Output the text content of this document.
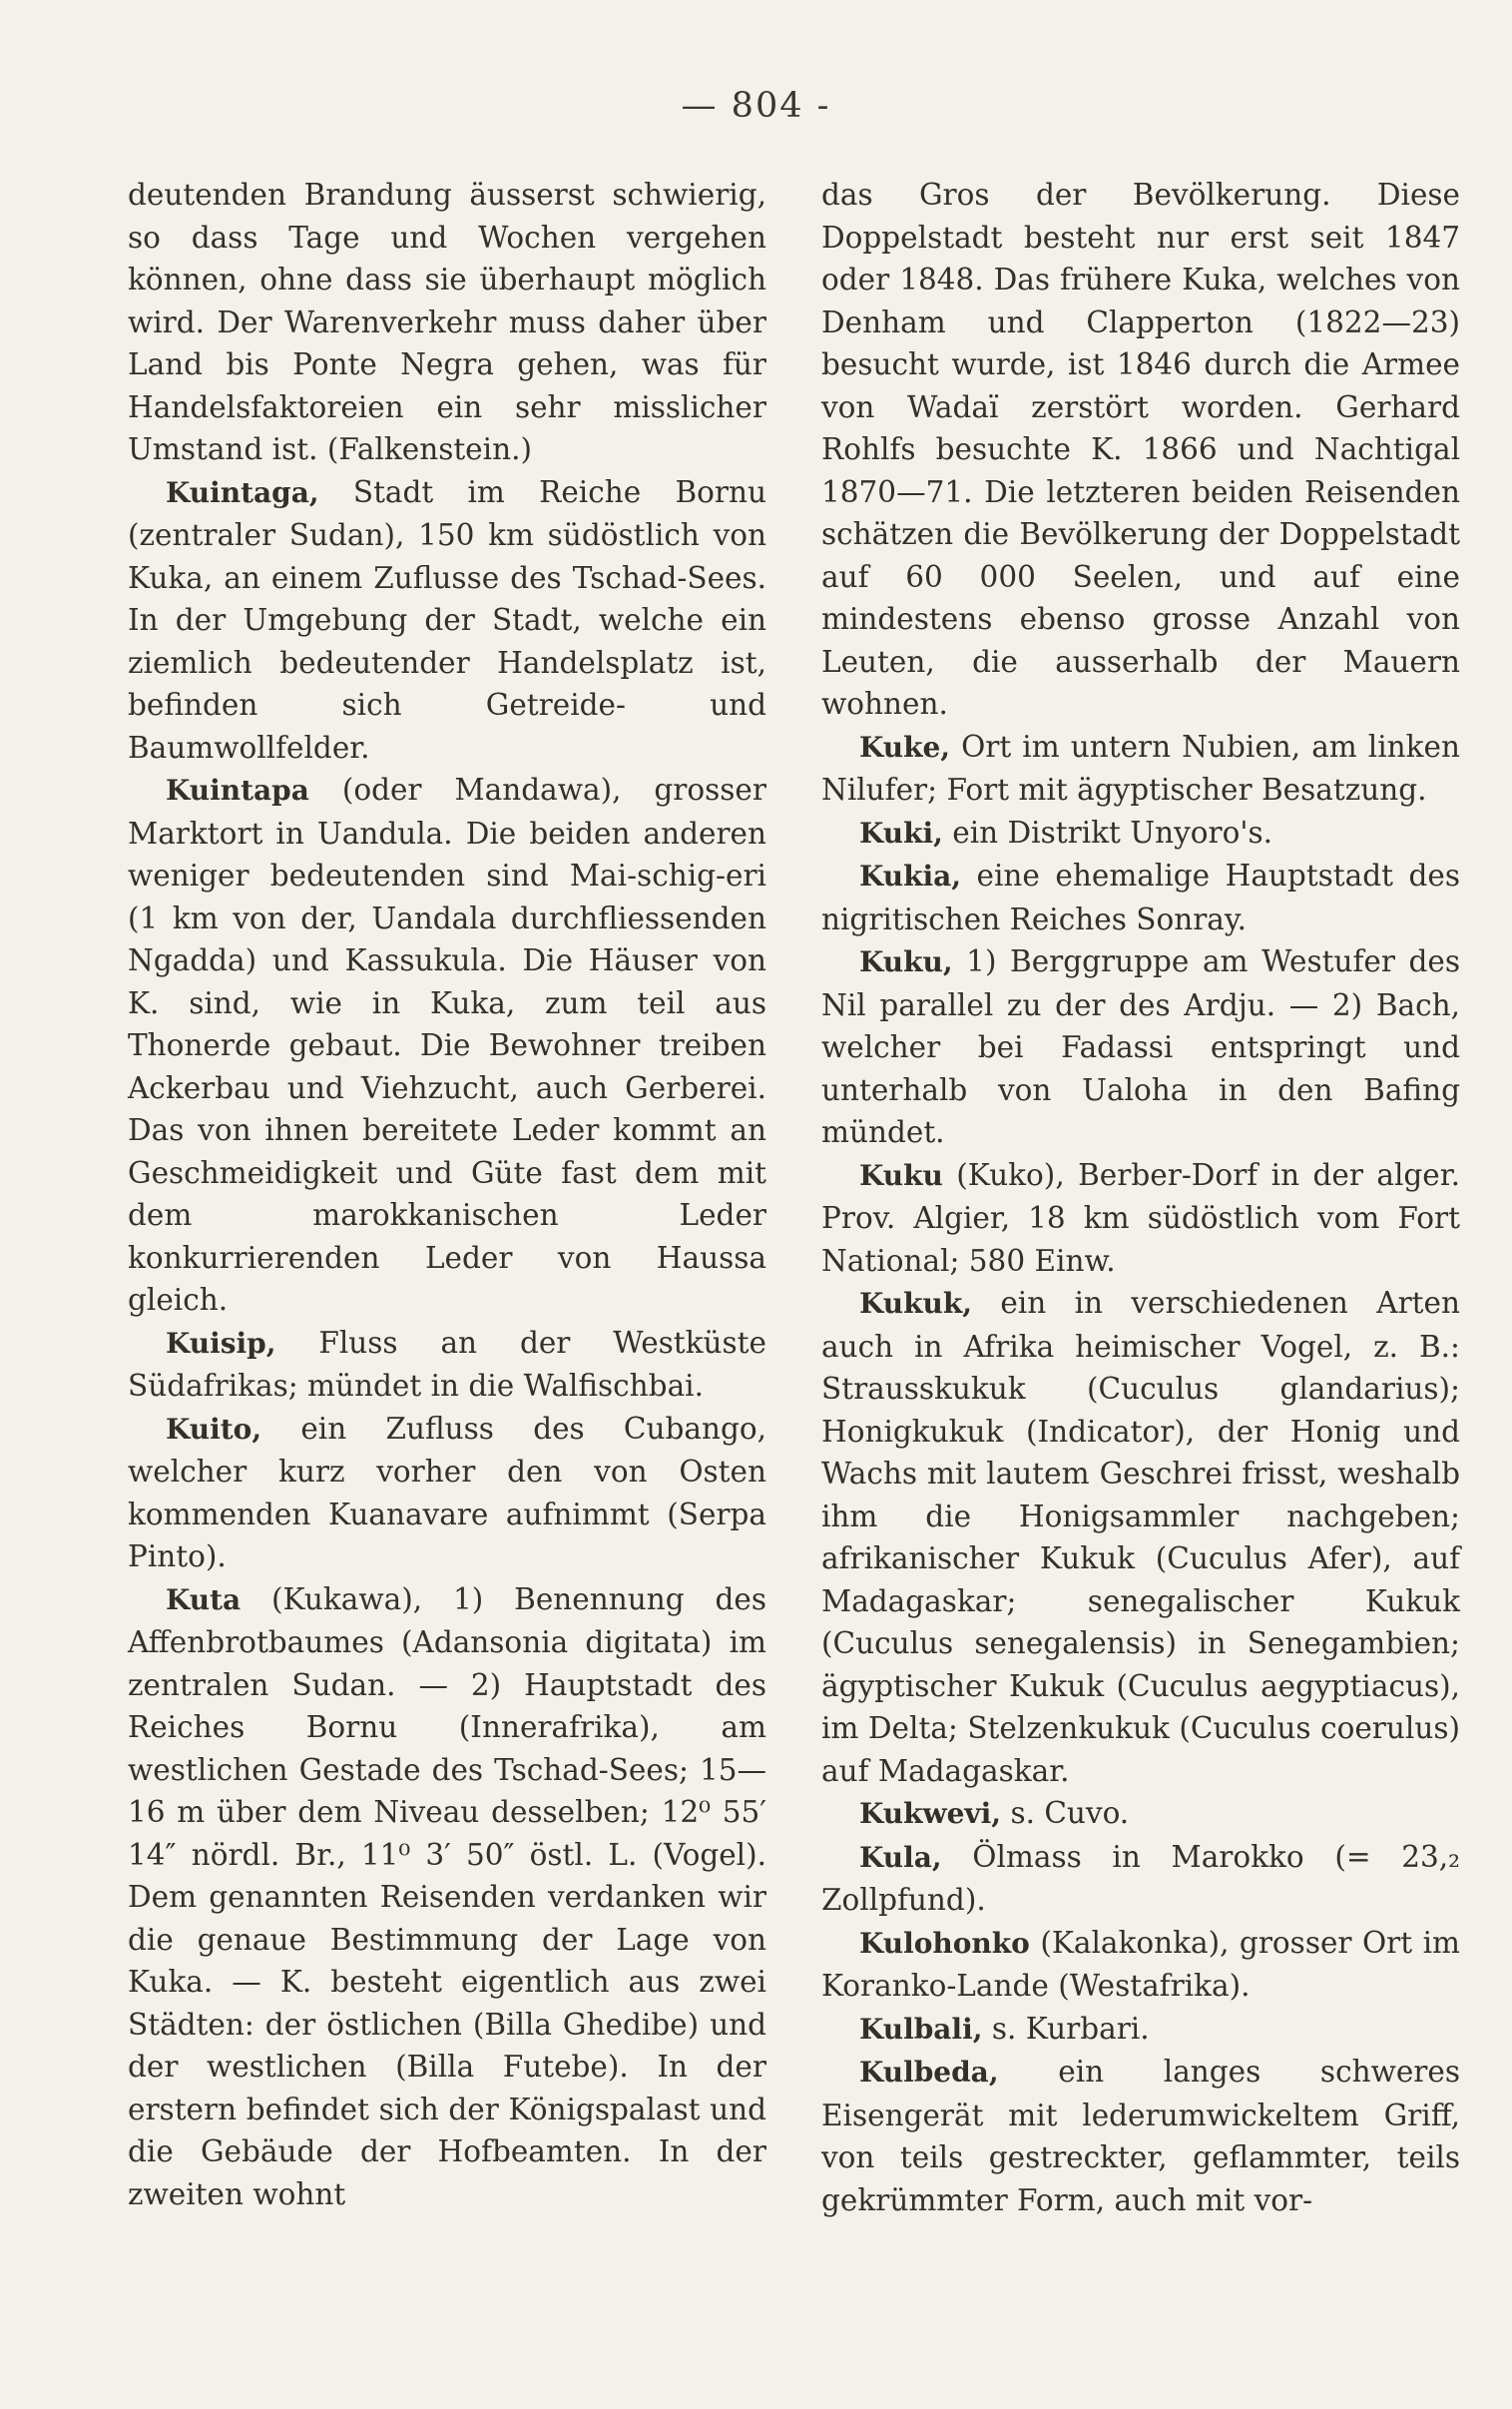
— 804 -

deutenden Brandung äusserst schwierig, so dass Tage und Wochen vergehen können, ohne dass sie überhaupt möglich wird. Der Warenverkehr muss daher über Land bis Ponte Negra gehen, was für Handelsfaktoreien ein sehr misslicher Umstand ist. (Falkenstein.)

Kuintaga, Stadt im Reiche Bornu (zentraler Sudan), 150 km südöstlich von Kuka, an einem Zuflusse des Tschad-Sees. In der Umgebung der Stadt, welche ein ziemlich bedeutender Handelsplatz ist, befinden sich Getreide- und Baumwollfelder.

Kuintapa (oder Mandawa), grosser Marktort in Uandula. Die beiden anderen weniger bedeutenden sind Mai-schig-eri (1 km von der, Uandala durchfliessenden Ngadda) und Kassukula. Die Häuser von K. sind, wie in Kuka, zum teil aus Thonerde gebaut. Die Bewohner treiben Ackerbau und Viehzucht, auch Gerberei. Das von ihnen bereitete Leder kommt an Geschmeidigkeit und Güte fast dem mit dem marokkanischen Leder konkurrierenden Leder von Haussa gleich.

Kuisip, Fluss an der Westküste Südafrikas; mündet in die Walfischbai.

Kuito, ein Zufluss des Cubango, welcher kurz vorher den von Osten kommenden Kuanavare aufnimmt (Serpa Pinto).

Kuta (Kukawa), 1) Benennung des Affenbrotbaumes (Adansonia digitata) im zentralen Sudan. — 2) Hauptstadt des Reiches Bornu (Innerafrika), am westlichen Gestade des Tschad-Sees; 15—16 m über dem Niveau desselben; 12⁰ 55′ 14″ nördl. Br., 11⁰ 3′ 50″ östl. L. (Vogel). Dem genannten Reisenden verdanken wir die genaue Bestimmung der Lage von Kuka. — K. besteht eigentlich aus zwei Städten: der östlichen (Billa Ghedibe) und der westlichen (Billa Futebe). In der erstern befindet sich der Königspalast und die Gebäude der Hofbeamten. In der zweiten wohnt

das Gros der Bevölkerung. Diese Doppelstadt besteht nur erst seit 1847 oder 1848. Das frühere Kuka, welches von Denham und Clapperton (1822—23) besucht wurde, ist 1846 durch die Armee von Wadaï zerstört worden. Gerhard Rohlfs besuchte K. 1866 und Nachtigal 1870—71. Die letzteren beiden Reisenden schätzen die Bevölkerung der Doppelstadt auf 60 000 Seelen, und auf eine mindestens ebenso grosse Anzahl von Leuten, die ausserhalb der Mauern wohnen.

Kuke, Ort im untern Nubien, am linken Nilufer; Fort mit ägyptischer Besatzung.

Kuki, ein Distrikt Unyoro's.

Kukia, eine ehemalige Hauptstadt des nigritischen Reiches Sonray.

Kuku, 1) Berggruppe am Westufer des Nil parallel zu der des Ardju. — 2) Bach, welcher bei Fadassi entspringt und unterhalb von Ualoha in den Bafing mündet.

Kuku (Kuko), Berber-Dorf in der alger. Prov. Algier, 18 km südöstlich vom Fort National; 580 Einw.

Kukuk, ein in verschiedenen Arten auch in Afrika heimischer Vogel, z. B.: Strausskukuk (Cuculus glandarius); Honigkukuk (Indicator), der Honig und Wachs mit lautem Geschrei frisst, weshalb ihm die Honigsammler nachgeben; afrikanischer Kukuk (Cuculus Afer), auf Madagaskar; senegalischer Kukuk (Cuculus senegalensis) in Senegambien; ägyptischer Kukuk (Cuculus aegyptiacus), im Delta; Stelzenkukuk (Cuculus coerulus) auf Madagaskar.

Kukwevi, s. Cuvo.

Kula, Ölmass in Marokko (= 23,₂ Zollpfund).

Kulohonko (Kalakonka), grosser Ort im Koranko-Lande (Westafrika).

Kulbali, s. Kurbari.

Kulbeda, ein langes schweres Eisengerät mit lederumwickeltem Griff, von teils gestreckter, geflammter, teils gekrümmter Form, auch mit vor-
